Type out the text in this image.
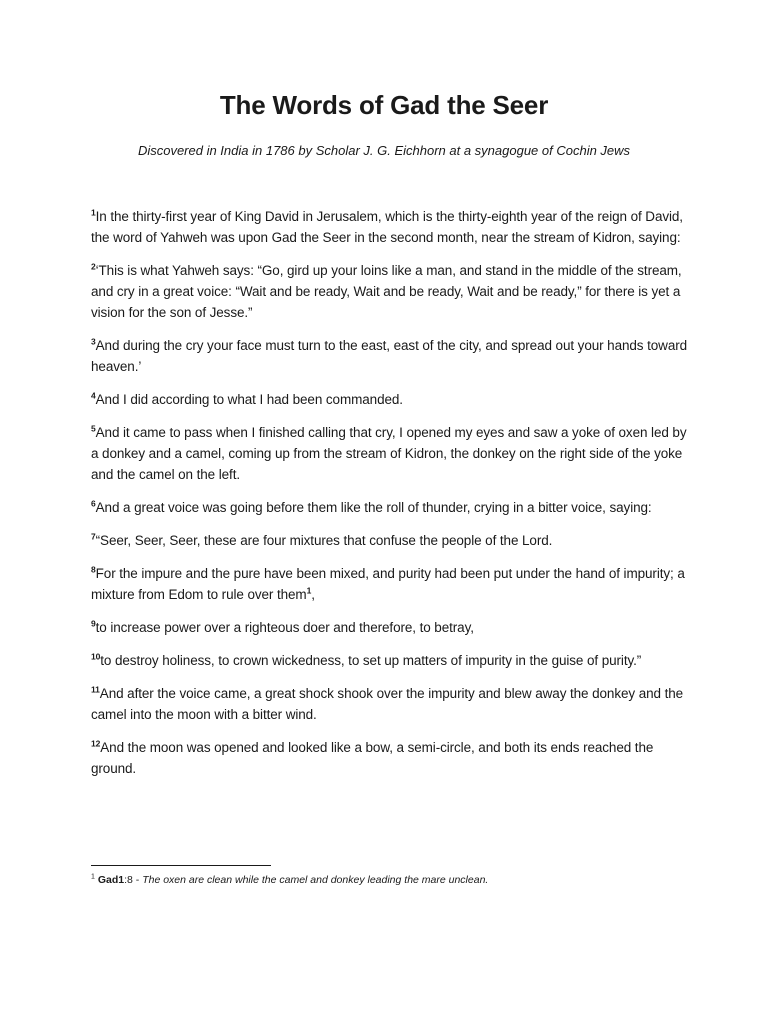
The Words of Gad the Seer

Discovered in India in 1786 by Scholar J. G. Eichhorn at a synagogue of Cochin Jews

$^1$In the thirty-first year of King David in Jerusalem, which is the thirty-eighth year of the reign of David, the word of Yahweh was upon Gad the Seer in the second month, near the stream of Kidron, saying:

$^2$‘This is what Yahweh says: “Go, gird up your loins like a man, and stand in the middle of the stream, and cry in a great voice: “Wait and be ready, Wait and be ready, Wait and be ready,” for there is yet a vision for the son of Jesse.”

$^3$And during the cry your face must turn to the east, east of the city, and spread out your hands toward heaven.’

$^4$And I did according to what I had been commanded.

$^5$And it came to pass when I finished calling that cry, I opened my eyes and saw a yoke of oxen led by a donkey and a camel, coming up from the stream of Kidron, the donkey on the right side of the yoke and the camel on the left.

$^6$And a great voice was going before them like the roll of thunder, crying in a bitter voice, saying:

$^7$“Seer, Seer, Seer, these are four mixtures that confuse the people of the Lord.

$^8$For the impure and the pure have been mixed, and purity had been put under the hand of impurity; a mixture from Edom to rule over them$^1$,

$^9$to increase power over a righteous doer and therefore, to betray,

$^{10}$to destroy holiness, to crown wickedness, to set up matters of impurity in the guise of purity.”

$^{11}$And after the voice came, a great shock shook over the impurity and blew away the donkey and the camel into the moon with a bitter wind.

$^{12}$And the moon was opened and looked like a bow, a semi-circle, and both its ends reached the ground.

$^1$ Gad1:8 - The oxen are clean while the camel and donkey leading the mare unclean.
